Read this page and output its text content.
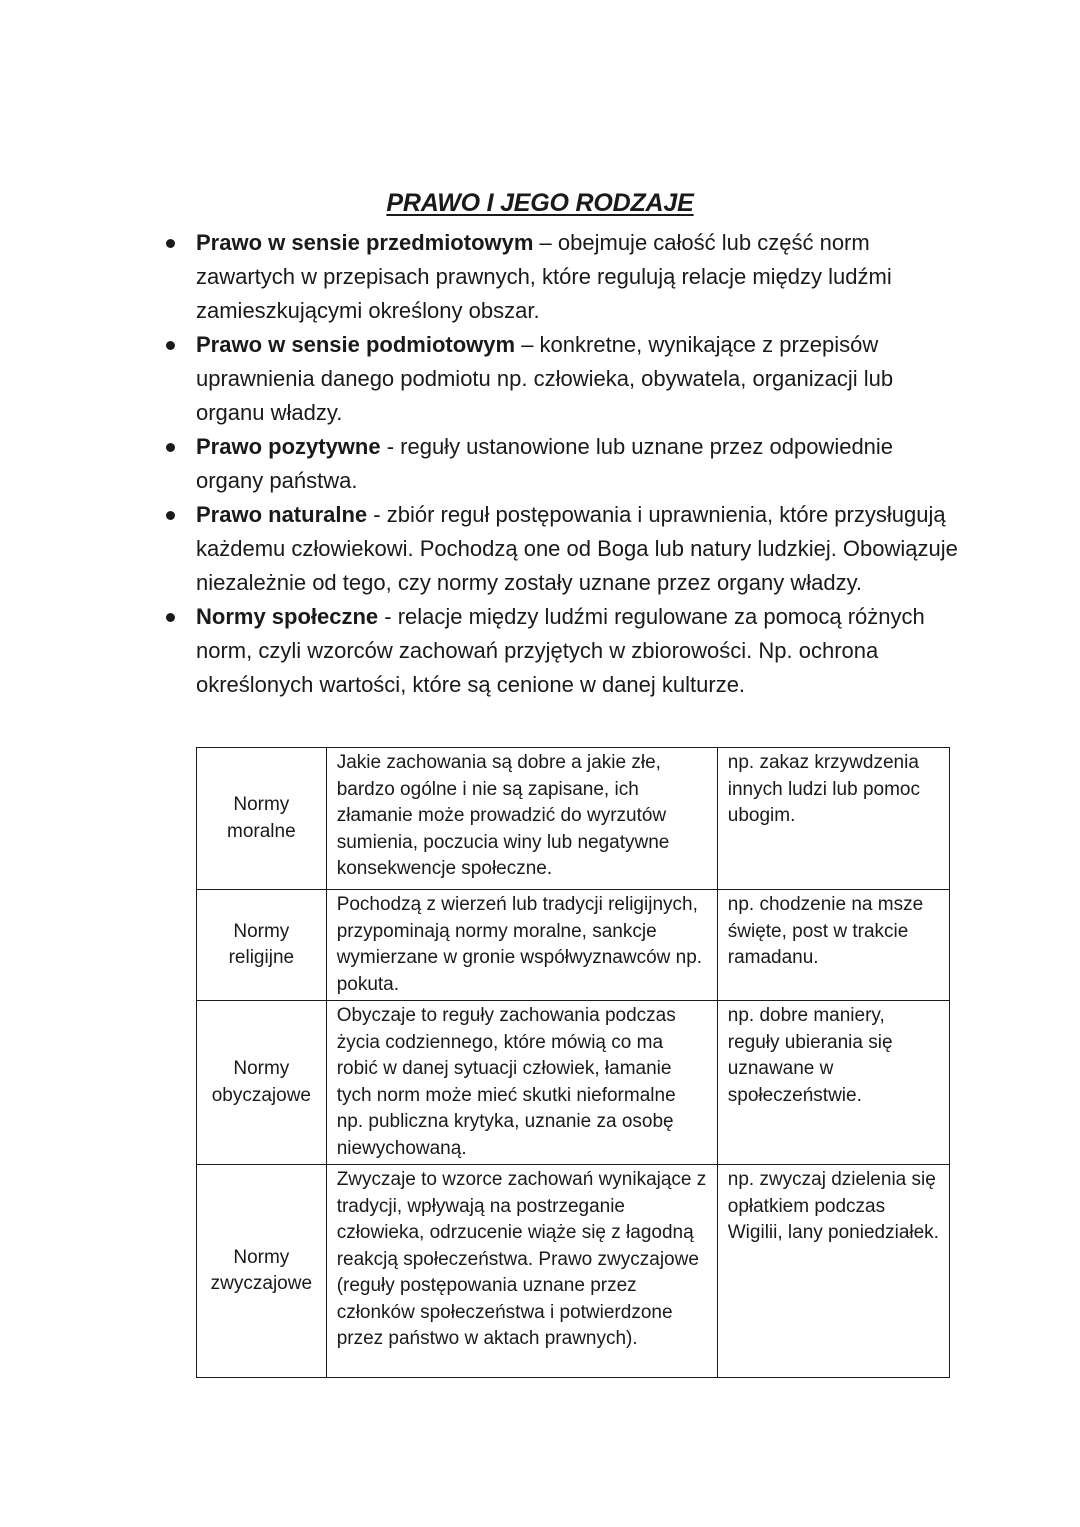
PRAWO I JEGO RODZAJE
Prawo w sensie przedmiotowym – obejmuje całość lub część norm zawartych w przepisach prawnych, które regulują relacje między ludźmi zamieszkującymi określony obszar.
Prawo w sensie podmiotowym – konkretne, wynikające z przepisów uprawnienia danego podmiotu np. człowieka, obywatela, organizacji lub organu władzy.
Prawo pozytywne - reguły ustanowione lub uznane przez odpowiednie organy państwa.
Prawo naturalne - zbiór reguł postępowania i uprawnienia, które przysługują każdemu człowiekowi. Pochodzą one od Boga lub natury ludzkiej. Obowiązuje niezależnie od tego, czy normy zostały uznane przez organy władzy.
Normy społeczne - relacje między ludźmi regulowane za pomocą różnych norm, czyli wzorców zachowań przyjętych w zbiorowości. Np. ochrona określonych wartości, które są cenione w danej kulturze.
Normy moralne	Jakie zachowania są dobre a jakie złe, bardzo ogólne i nie są zapisane, ich złamanie może prowadzić do wyrzutów sumienia, poczucia winy lub negatywne konsekwencje społeczne.	np. zakaz krzywdzenia innych ludzi lub pomoc ubogim.
Normy religijne	Pochodzą z wierzeń lub tradycji religijnych, przypominają normy moralne, sankcje wymierzane w gronie współwyznawców np. pokuta.	np. chodzenie na msze święte, post w trakcie ramadanu.
Normy obyczajowe	Obyczaje to reguły zachowania podczas życia codziennego, które mówią co ma robić w danej sytuacji człowiek, łamanie tych norm może mieć skutki nieformalne np. publiczna krytyka, uznanie za osobę niewychowaną.	np. dobre maniery, reguły ubierania się uznawane w społeczeństwie.
Normy zwyczajowe	Zwyczaje to wzorce zachowań wynikające z tradycji, wpływają na postrzeganie człowieka, odrzucenie wiąże się z łagodną reakcją społeczeństwa. Prawo zwyczajowe (reguły postępowania uznane przez członków społeczeństwa i potwierdzone przez państwo w aktach prawnych).	np. zwyczaj dzielenia się opłatkiem podczas Wigilii, lany poniedziałek.
